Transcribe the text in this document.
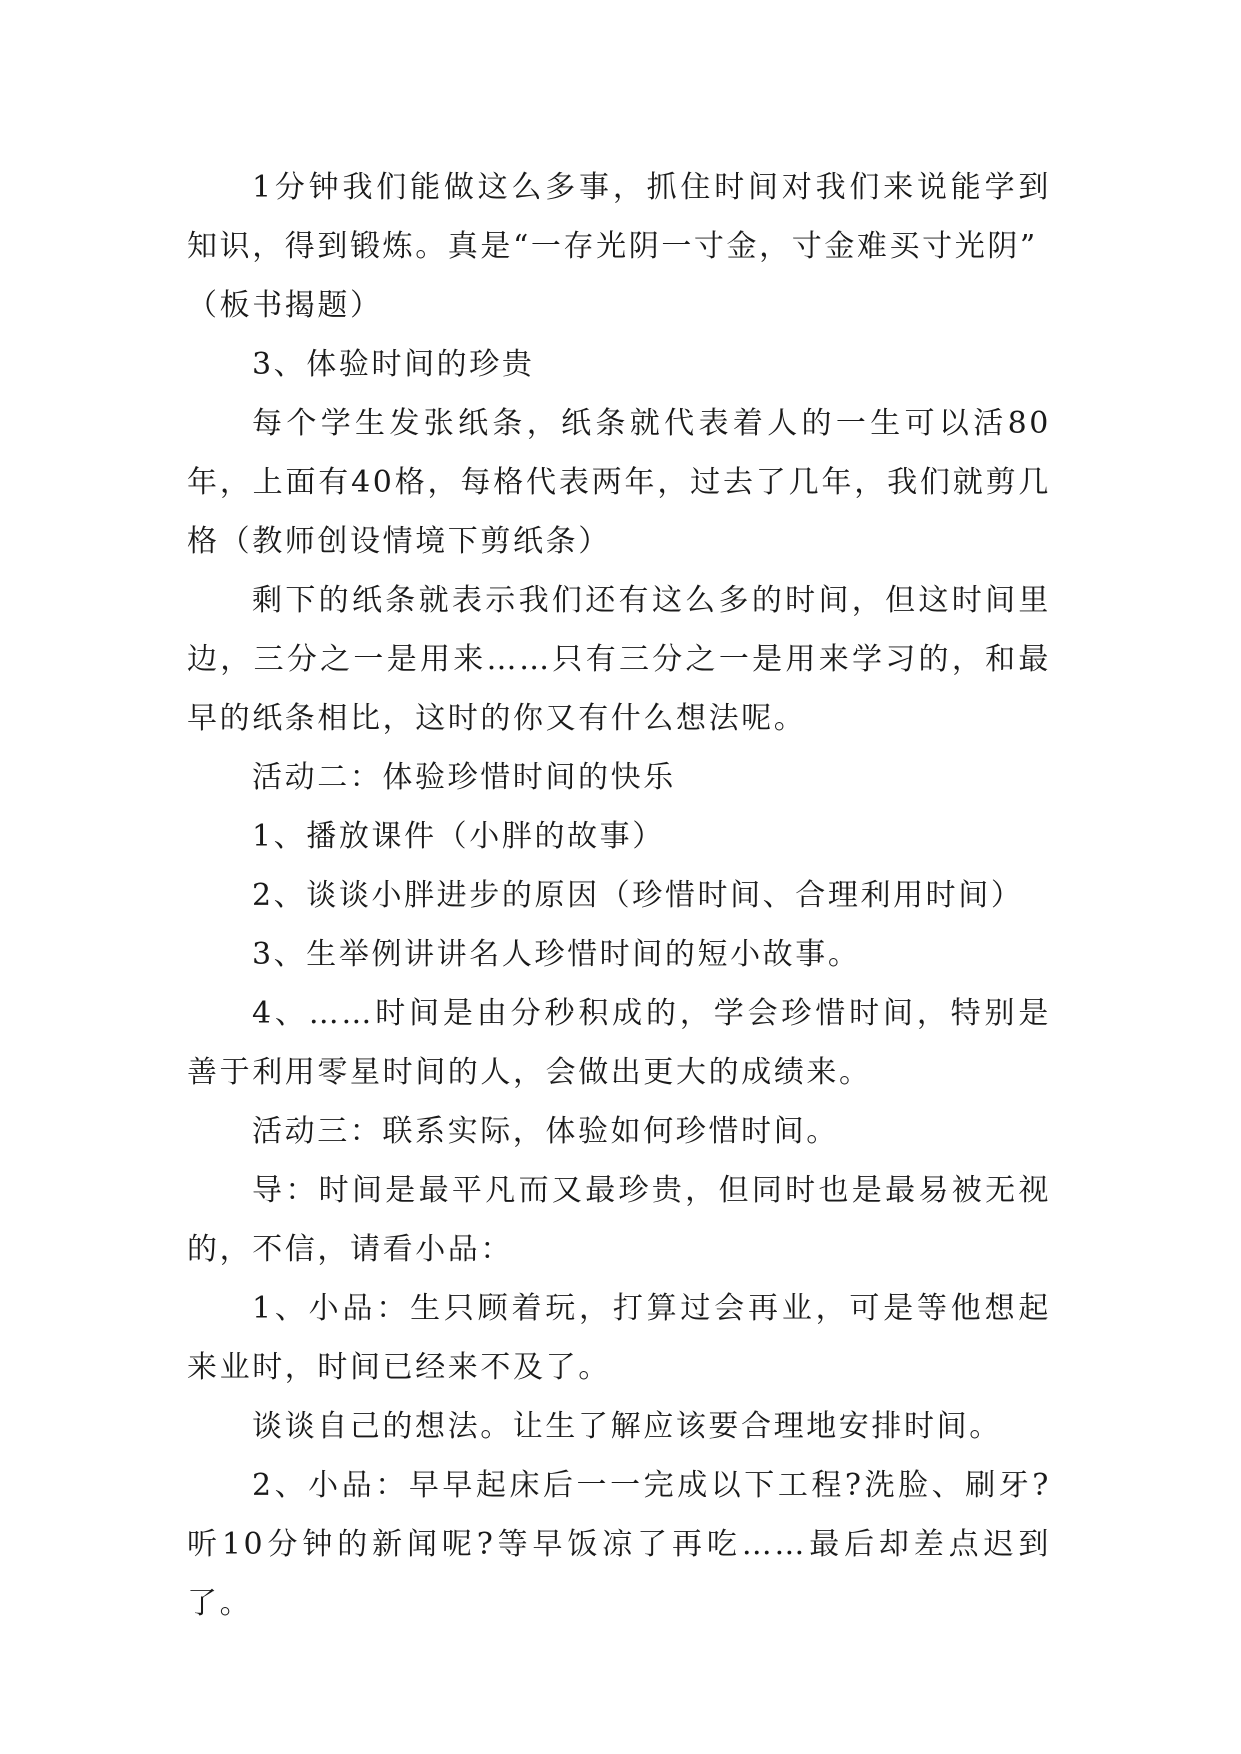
1分钟我们能做这么多事，抓住时间对我们来说能学到知识，得到锻炼。真是“一存光阴一寸金，寸金难买寸光阴”

（板书揭题）

3、体验时间的珍贵

每个学生发张纸条，纸条就代表着人的一生可以活80年，上面有40格，每格代表两年，过去了几年，我们就剪几格（教师创设情境下剪纸条）

剩下的纸条就表示我们还有这么多的时间，但这时间里边，三分之一是用来……只有三分之一是用来学习的，和最早的纸条相比，这时的你又有什么想法呢。

活动二：体验珍惜时间的快乐

1、播放课件（小胖的故事）

2、谈谈小胖进步的原因（珍惜时间、合理利用时间）

3、生举例讲讲名人珍惜时间的短小故事。

4、……时间是由分秒积成的，学会珍惜时间，特别是善于利用零星时间的人，会做出更大的成绩来。

活动三：联系实际，体验如何珍惜时间。

导：时间是最平凡而又最珍贵，但同时也是最易被无视的，不信，请看小品：

1、小品：生只顾着玩，打算过会再业，可是等他想起来业时，时间已经来不及了。

谈谈自己的想法。让生了解应该要合理地安排时间。

2、小品：早早起床后一一完成以下工程?洗脸、刷牙?听10分钟的新闻呢?等早饭凉了再吃……最后却差点迟到了。
